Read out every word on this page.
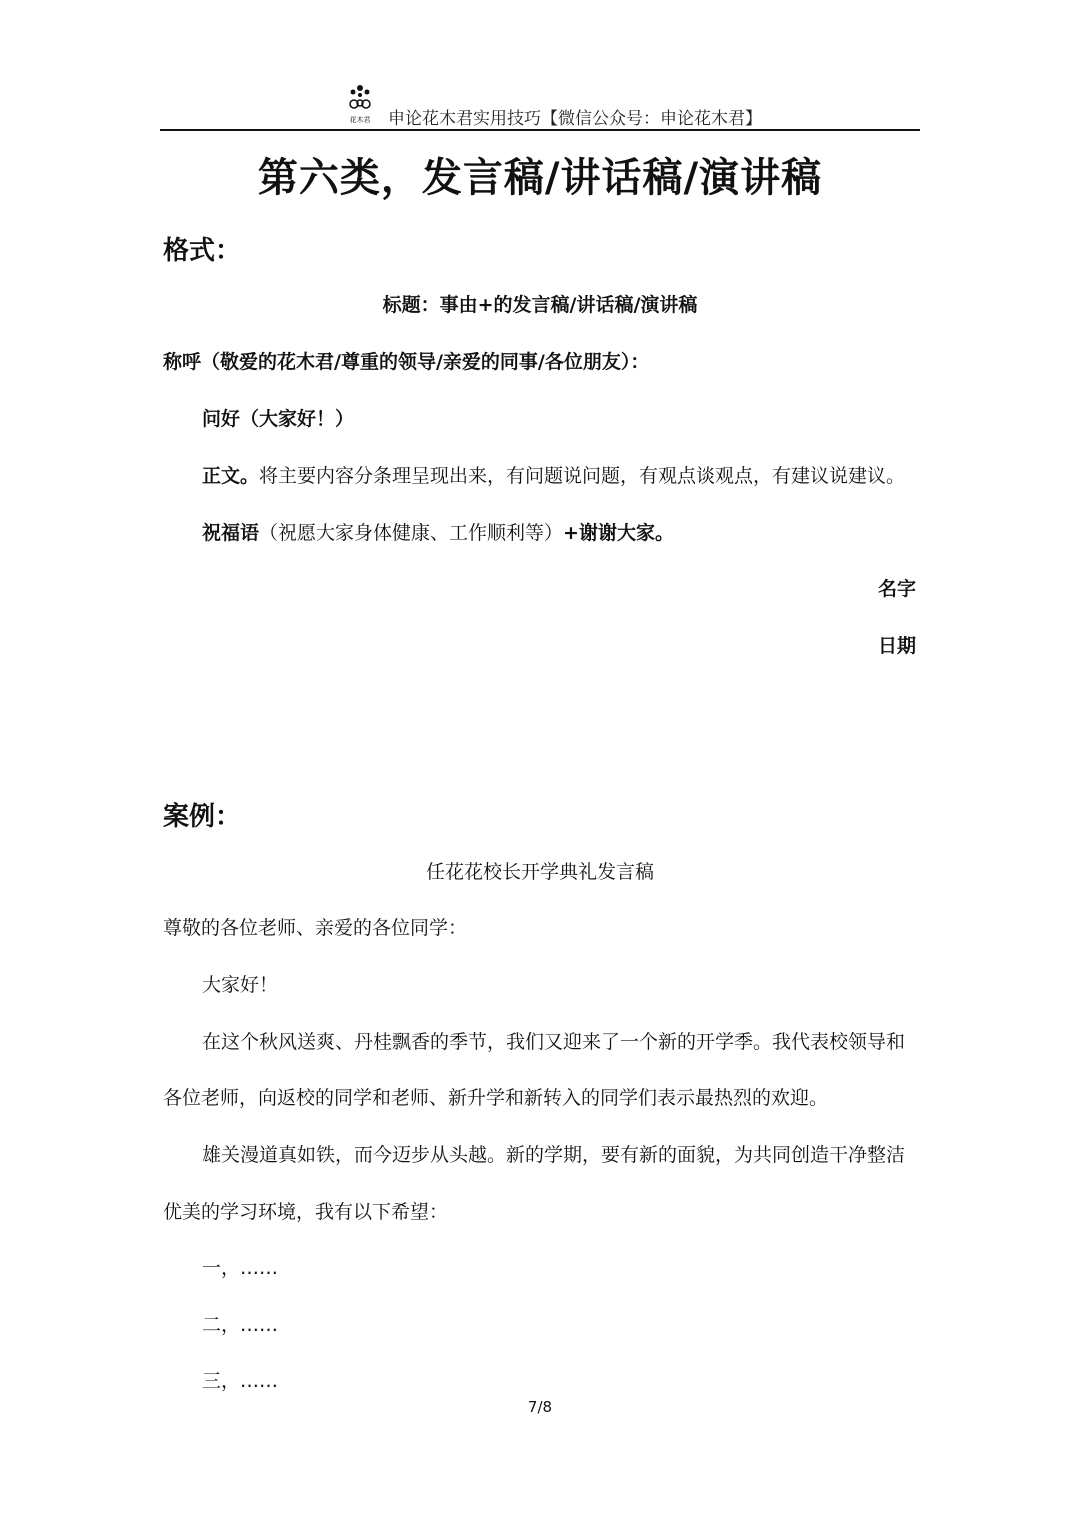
花木君	申论花木君实用技巧【微信公众号：申论花木君】
第六类，发言稿/讲话稿/演讲稿
格式：
标题：事由+的发言稿/讲话稿/演讲稿
称呼（敬爱的花木君/尊重的领导/亲爱的同事/各位朋友）：
问好（大家好！）
正文。将主要内容分条理呈现出来，有问题说问题，有观点谈观点，有建议说建议。
祝福语（祝愿大家身体健康、工作顺利等）+谢谢大家。
名字
日期
案例：
任花花校长开学典礼发言稿
尊敬的各位老师、亲爱的各位同学：
大家好！
在这个秋风送爽、丹桂飘香的季节，我们又迎来了一个新的开学季。我代表校领导和
各位老师，向返校的同学和老师、新升学和新转入的同学们表示最热烈的欢迎。
雄关漫道真如铁，而今迈步从头越。新的学期，要有新的面貌，为共同创造干净整洁
优美的学习环境，我有以下希望：
一，……
二，……
三，……
7/8
